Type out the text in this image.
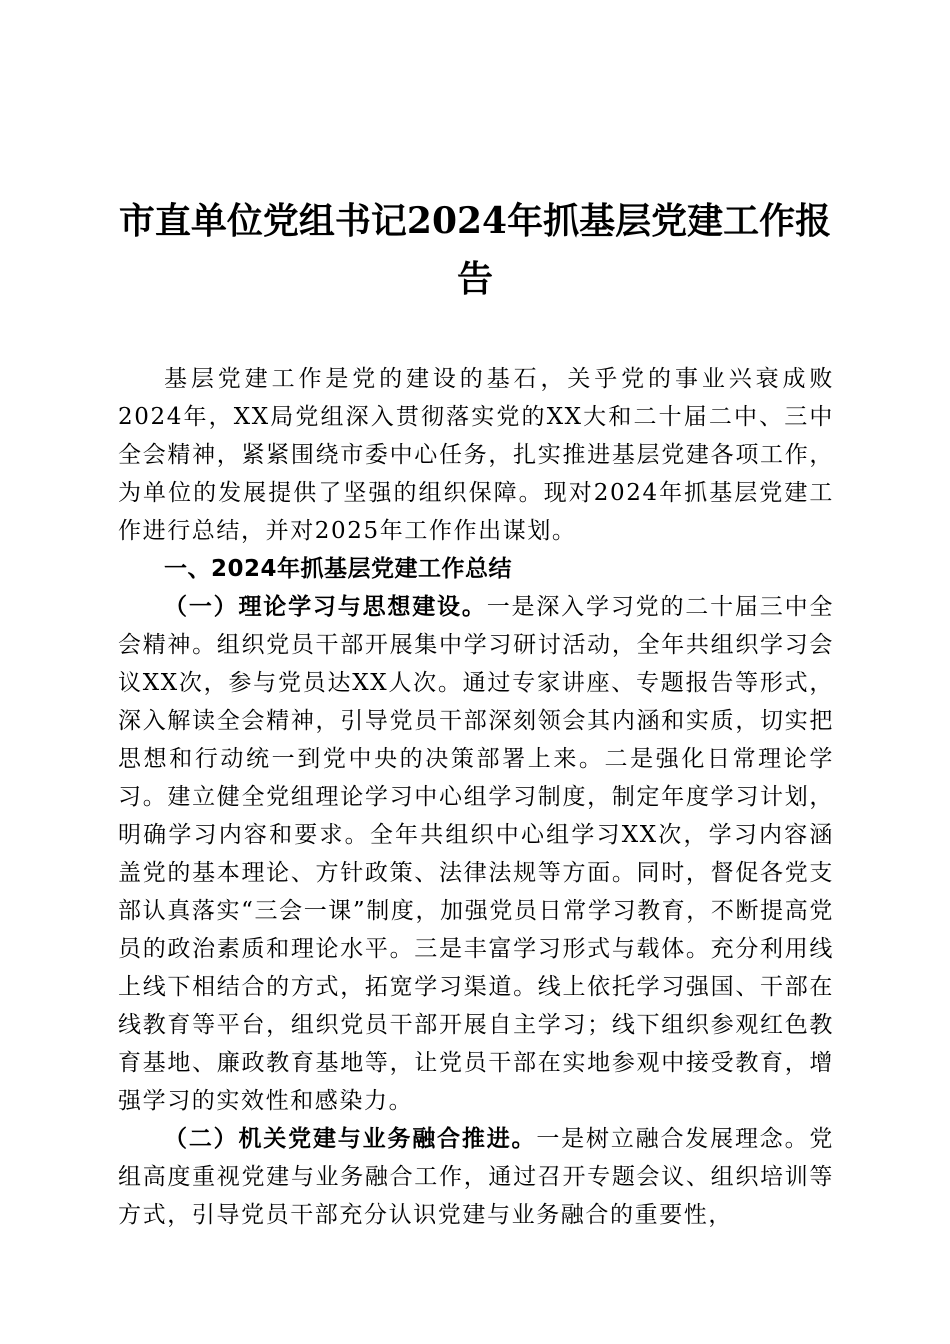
市直单位党组书记2024年抓基层党建工作报告

基层党建工作是党的建设的基石，关乎党的事业兴衰成败2024年，XX局党组深入贯彻落实党的XX大和二十届二中、三中全会精神，紧紧围绕市委中心任务，扎实推进基层党建各项工作，为单位的发展提供了坚强的组织保障。现对2024年抓基层党建工作进行总结，并对2025年工作作出谋划。

一、2024年抓基层党建工作总结

（一）理论学习与思想建设。一是深入学习党的二十届三中全会精神。组织党员干部开展集中学习研讨活动，全年共组织学习会议XX次，参与党员达XX人次。通过专家讲座、专题报告等形式，深入解读全会精神，引导党员干部深刻领会其内涵和实质，切实把思想和行动统一到党中央的决策部署上来。二是强化日常理论学习。建立健全党组理论学习中心组学习制度，制定年度学习计划，明确学习内容和要求。全年共组织中心组学习XX次，学习内容涵盖党的基本理论、方针政策、法律法规等方面。同时，督促各党支部认真落实“三会一课”制度，加强党员日常学习教育，不断提高党员的政治素质和理论水平。三是丰富学习形式与载体。充分利用线上线下相结合的方式，拓宽学习渠道。线上依托学习强国、干部在线教育等平台，组织党员干部开展自主学习；线下组织参观红色教育基地、廉政教育基地等，让党员干部在实地参观中接受教育，增强学习的实效性和感染力。

（二）机关党建与业务融合推进。一是树立融合发展理念。党组高度重视党建与业务融合工作，通过召开专题会议、组织培训等方式，引导党员干部充分认识党建与业务融合的重要性，
